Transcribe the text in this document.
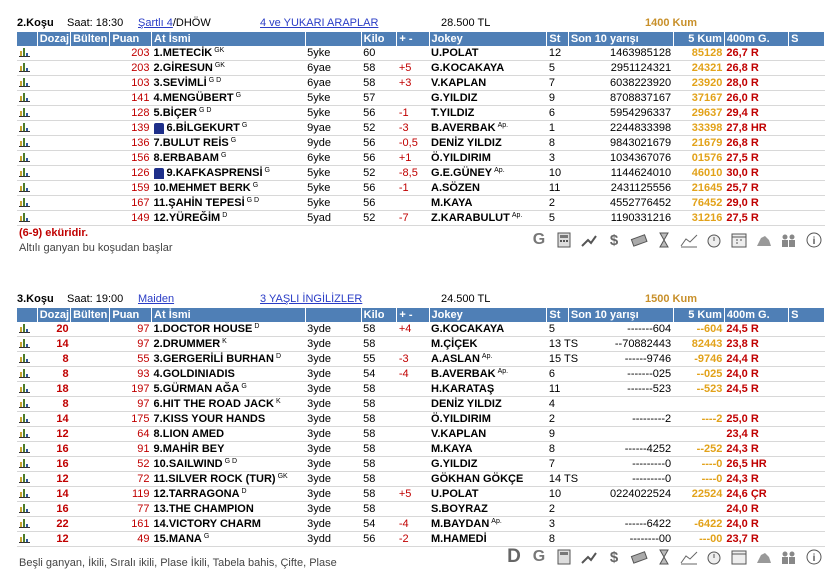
2.Koşu Saat: 18:30 Şartlı 4/DHÖW	4 ve YUKARI ARAPLAR	28.500 TL	1400 Kum
	Dozaj	Bülten	Puan	At İsmi		Kilo	+ -	Jokey	St	Son 10 yarışı	5 Kum	400m G.	S

			203	1.METECİK $^{GK}$	5yke	60		U.POLAT	12	1463985128	85128	26,7 R	

			203	2.GİRESUN $^{GK}$	6yae	58	+5	G.KOCAKAYA	5	2951124321	24321	26,8 R	

			103	3.SEVİMLİ $^{G D}$	6yae	58	+3	V.KAPLAN	7	6038223920	23920	28,0 R	

			141	4.MENGÜBERT $^G$	5yke	57		G.YILDIZ	9	8708837167	37167	26,0 R	

			128	5.BİÇER $^{G D}$	5yke	56	-1	T.YILDIZ	6	5954296337	29637	29,4 R	

			139	6.BİLGEKURT $^G$	9yae	52	-3	B.AVERBAK $^{Ap.}$	1	2244833398	33398	27,8 HR	

			136	7.BULUT REİS $^G$	9yde	56	-0,5	DENİZ YILDIZ	8	9843021679	21679	26,8 R	

			156	8.ERBABAM $^G$	6yke	56	+1	Ö.YILDIRIM	3	1034367076	01576	27,5 R	

			126	9.KAFKASPRENSİ $^G$	5yke	52	-8,5	G.E.GÜNEY $^{Ap.}$	10	1144624010	46010	30,0 R	

			159	10.MEHMET BERK $^G$	5yke	56	-1	A.SÖZEN	11	2431125556	21645	25,7 R	

			167	11.ŞAHİN TEPESİ $^{G D}$	5yke	56		M.KAYA	2	4552776452	76452	29,0 R	

			149	12.YÜREĞİM $^D$	5yad	52	-7	Z.KARABULUT $^{Ap.}$	5	1190331216	31216	27,5 R	
(6-9) eküridir.
Altılı ganyan bu koşudan başlar	G	$	i
3.Koşu Saat: 19:00 Maiden	3 YAŞLI İNGİLİZLER	24.500 TL	1500 Kum
	Dozaj	Bülten	Puan	At İsmi		Kilo	+ -	Jokey	St	Son 10 yarışı	5 Kum	400m G.	S

	20		97	1.DOCTOR HOUSE $^D$	3yde	58	+4	G.KOCAKAYA	5	-------604	--604	24,5 R	

	14		97	2.DRUMMER $^K$	3yde	58		M.ÇİÇEK	13 TS	--70882443	82443	23,8 R	

	8		55	3.GERGERİLİ BURHAN $^D$	3yde	55	-3	A.ASLAN $^{Ap.}$	15 TS	------9746	-9746	24,4 R	

	8		93	4.GOLDINIADIS	3yde	54	-4	B.AVERBAK $^{Ap.}$	6	-------025	--025	24,0 R	

	18		197	5.GÜRMAN AĞA $^G$	3yde	58		H.KARATAŞ	11	-------523	--523	24,5 R	

	8		97	6.HIT THE ROAD JACK $^K$	3yde	58		DENİZ YILDIZ	4				

	14		175	7.KISS YOUR HANDS	3yde	58		Ö.YILDIRIM	2	---------2	----2	25,0 R	

	12		64	8.LION AMED	3yde	58		V.KAPLAN	9			23,4 R	

	16		91	9.MAHİR BEY	3yde	58		M.KAYA	8	------4252	--252	24,3 R	

	16		52	10.SAILWIND $^{G D}$	3yde	58		G.YILDIZ	7	---------0	----0	26,5 HR	

	12		72	11.SILVER ROCK (TUR) $^{GK}$	3yde	58		GÖKHAN GÖKÇE	14 TS	---------0	----0	24,3 R	

	14		119	12.TARRAGONA $^D$	3yde	58	+5	U.POLAT	10	0224022524	22524	24,6 ÇR	

	16		77	13.THE CHAMPION	3yde	58		S.BOYRAZ	2			24,0 R	

	22		161	14.VICTORY CHARM	3yde	54	-4	M.BAYDAN $^{Ap.}$	3	------6422	-6422	24,0 R	

	12		49	15.MANA $^G$	3ydd	56	-2	M.HAMEDİ	8	--------00	---00	23,7 R	
Beşli ganyan, İkili, Sıralı ikili, Plase İkili, Tabela bahis, Çifte, Plase	D G	$	i
